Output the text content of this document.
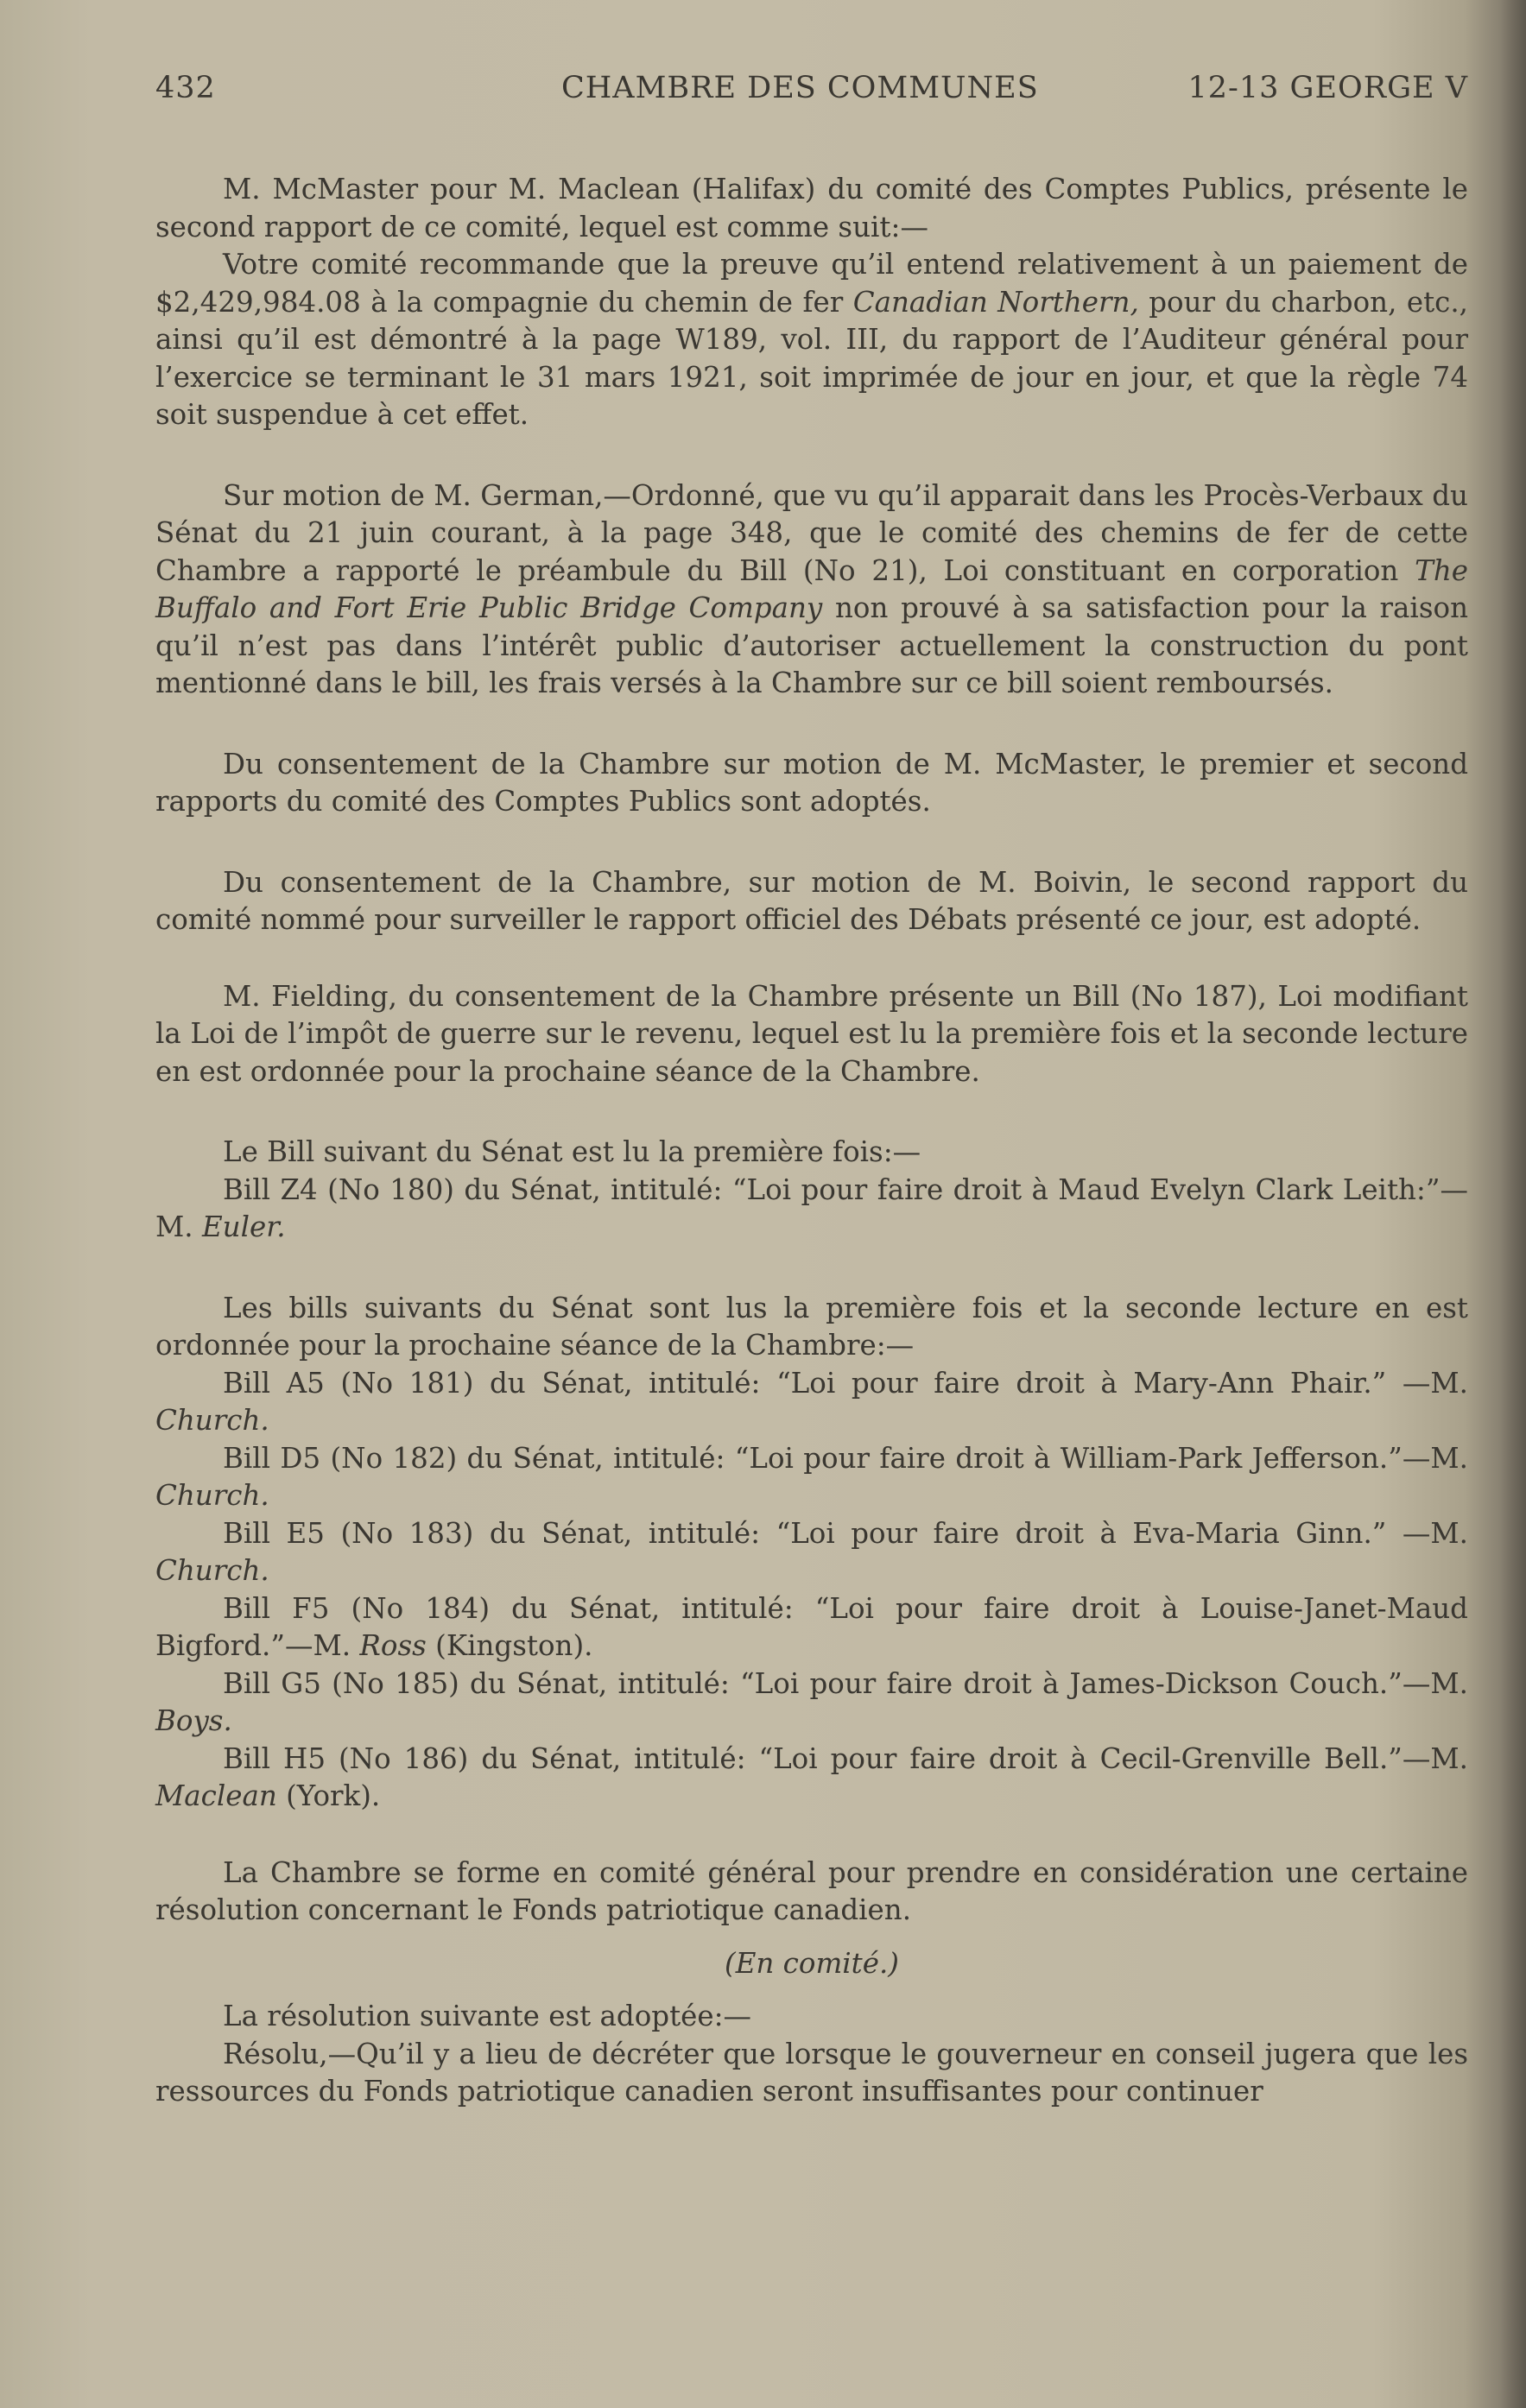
432	CHAMBRE DES COMMUNES	12-13 GEORGE V

M. McMaster pour M. Maclean (Halifax) du comité des Comptes Publics, présente le second rapport de ce comité, lequel est comme suit:—

Votre comité recommande que la preuve qu’il entend relativement à un paiement de $2,429,984.08 à la compagnie du chemin de fer Canadian Northern, pour du charbon, etc., ainsi qu’il est démontré à la page W189, vol. III, du rapport de l’Auditeur général pour l’exercice se terminant le 31 mars 1921, soit imprimée de jour en jour, et que la règle 74 soit suspendue à cet effet.

Sur motion de M. German,—Ordonné, que vu qu’il apparait dans les Procès-Verbaux du Sénat du 21 juin courant, à la page 348, que le comité des chemins de fer de cette Chambre a rapporté le préambule du Bill (No 21), Loi constituant en corporation The Buffalo and Fort Erie Public Bridge Company non prouvé à sa satisfaction pour la raison qu’il n’est pas dans l’intérêt public d’autoriser actuellement la construction du pont mentionné dans le bill, les frais versés à la Chambre sur ce bill soient remboursés.

Du consentement de la Chambre sur motion de M. McMaster, le premier et second rapports du comité des Comptes Publics sont adoptés.

Du consentement de la Chambre, sur motion de M. Boivin, le second rapport du comité nommé pour surveiller le rapport officiel des Débats présenté ce jour, est adopté.

M. Fielding, du consentement de la Chambre présente un Bill (No 187), Loi modifiant la Loi de l’impôt de guerre sur le revenu, lequel est lu la première fois et la seconde lecture en est ordonnée pour la prochaine séance de la Chambre.

Le Bill suivant du Sénat est lu la première fois:—

Bill Z4 (No 180) du Sénat, intitulé: “Loi pour faire droit à Maud Evelyn Clark Leith:”—M. Euler.

Les bills suivants du Sénat sont lus la première fois et la seconde lecture en est ordonnée pour la prochaine séance de la Chambre:—

Bill A5 (No 181) du Sénat, intitulé: “Loi pour faire droit à Mary-Ann Phair.” —M. Church.

Bill D5 (No 182) du Sénat, intitulé: “Loi pour faire droit à William-Park Jefferson.”—M. Church.

Bill E5 (No 183) du Sénat, intitulé: “Loi pour faire droit à Eva-Maria Ginn.” —M. Church.

Bill F5 (No 184) du Sénat, intitulé: “Loi pour faire droit à Louise-Janet-Maud Bigford.”—M. Ross (Kingston).

Bill G5 (No 185) du Sénat, intitulé: “Loi pour faire droit à James-Dickson Couch.”—M. Boys.

Bill H5 (No 186) du Sénat, intitulé: “Loi pour faire droit à Cecil-Grenville Bell.”—M. Maclean (York).

La Chambre se forme en comité général pour prendre en considération une certaine résolution concernant le Fonds patriotique canadien.

(En comité.)

La résolution suivante est adoptée:—

Résolu,—Qu’il y a lieu de décréter que lorsque le gouverneur en conseil jugera que les ressources du Fonds patriotique canadien seront insuffisantes pour continuer
